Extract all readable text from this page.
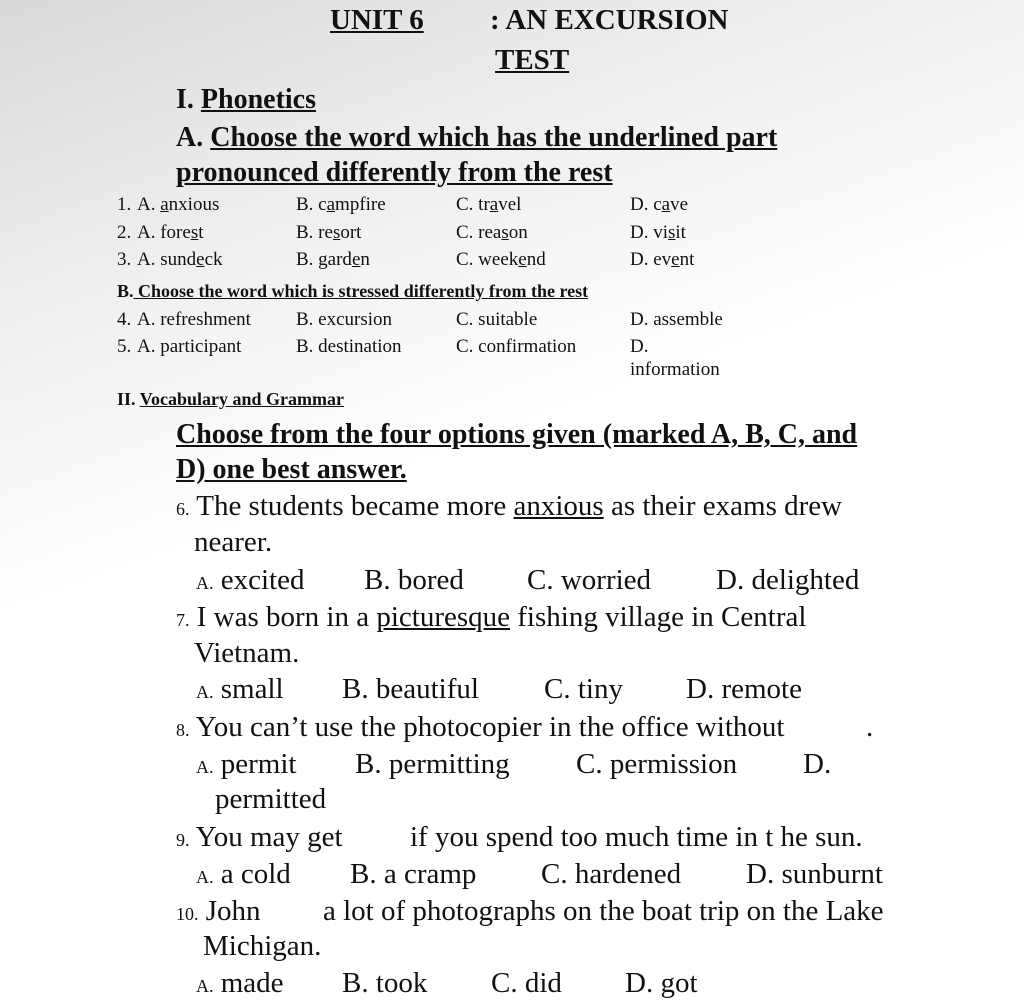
UNIT 6 : AN EXCURSION
TEST
I. Phonetics
A. Choose the word which has the underlined part
pronounced differently from the rest
1. A. anxious	B. campfire	C. travel	D. cave
2. A. forest	B. resort	C. reason	D. visit
3. A. sundeck	B. garden	C. weekend	D. event
B. Choose the word which is stressed differently from the rest
4. A. refreshment B. excursion	C. suitable	D. assemble
5. A. participant	B. destination	C. confirmation	D.
information
II. Vocabulary and Grammar
Choose from the four options given (marked A, B, C, and
D) one best answer.
6. The students became more anxious as their exams drew
nearer.
A. excited B. bored C. worried D. delighted
7. I was born in a picturesque fishing village in Central
Vietnam.
A. small B. beautiful C. tiny D. remote
8. You can’t use the photocopier in the office without	.
A. permit B. permitting C. permission D.
permitted
9. You may get if you spend too much time in t he sun.
A. a cold B. a cramp C. hardened D. sunburnt
10. John a lot of photographs on the boat trip on the Lake
Michigan.
A. made B. took C. did D. got
